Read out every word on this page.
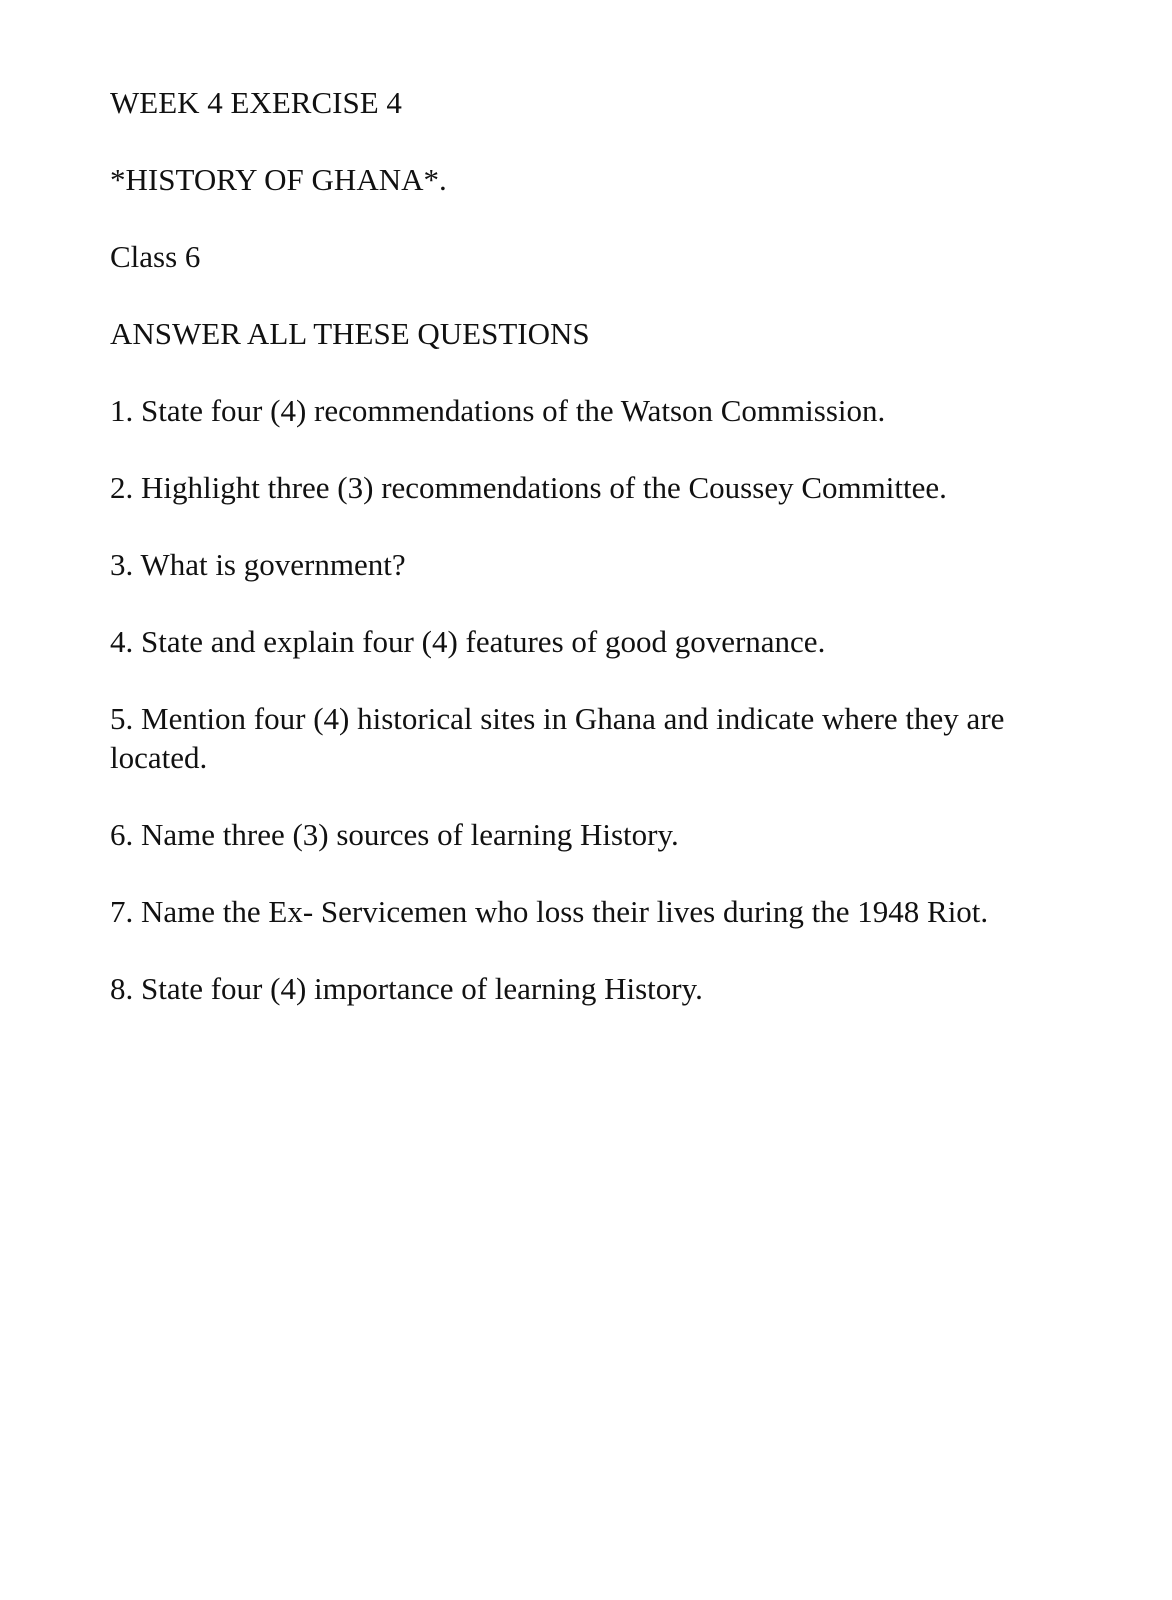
WEEK 4 EXERCISE 4
*HISTORY OF GHANA*.
Class 6
ANSWER ALL THESE QUESTIONS
1. State four (4) recommendations of the Watson Commission.
2. Highlight three (3) recommendations of the Coussey Committee.
3. What is government?
4. State and explain four (4) features of good governance.
5. Mention four (4) historical sites in Ghana and indicate where they are located.
6. Name three (3) sources of learning History.
7. Name the Ex- Servicemen who loss their lives during the 1948 Riot.
8. State four (4) importance of learning History.
